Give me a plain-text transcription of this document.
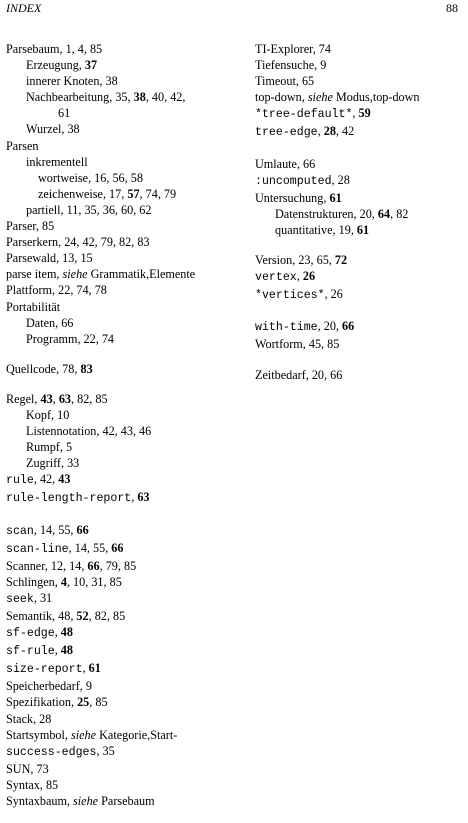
INDEX	88
Parsebaum, 1, 4, 85
Erzeugung, 37
innerer Knoten, 38
Nachbearbeitung, 35, 38, 40, 42,
61
Wurzel, 38
Parsen
inkrementell
wortweise, 16, 56, 58
zeichenweise, 17, 57, 74, 79
partiell, 11, 35, 36, 60, 62
Parser, 85
Parserkern, 24, 42, 79, 82, 83
Parsewald, 13, 15
parse item, siehe Grammatik,Elemente
Plattform, 22, 74, 78
Portabilität
Daten, 66
Programm, 22, 74
Quellcode, 78, 83
Regel, 43, 63, 82, 85
Kopf, 10
Listennotation, 42, 43, 46
Rumpf, 5
Zugriff, 33
rule, 42, 43
rule-length-report, 63
scan, 14, 55, 66
scan-line, 14, 55, 66
Scanner, 12, 14, 66, 79, 85
Schlingen, 4, 10, 31, 85
seek, 31
Semantik, 48, 52, 82, 85
sf-edge, 48
sf-rule, 48
size-report, 61
Speicherbedarf, 9
Spezifikation, 25, 85
Stack, 28
Startsymbol, siehe Kategorie,Start-
success-edges, 35
SUN, 73
Syntax, 85
Syntaxbaum, siehe Parsebaum
TI-Explorer, 74
Tiefensuche, 9
Timeout, 65
top-down, siehe Modus,top-down
*tree-default*, 59
tree-edge, 28, 42
Umlaute, 66
:uncomputed, 28
Untersuchung, 61
Datenstrukturen, 20, 64, 82
quantitative, 19, 61
Version, 23, 65, 72
vertex, 26
*vertices*, 26
with-time, 20, 66
Wortform, 45, 85
Zeitbedarf, 20, 66
